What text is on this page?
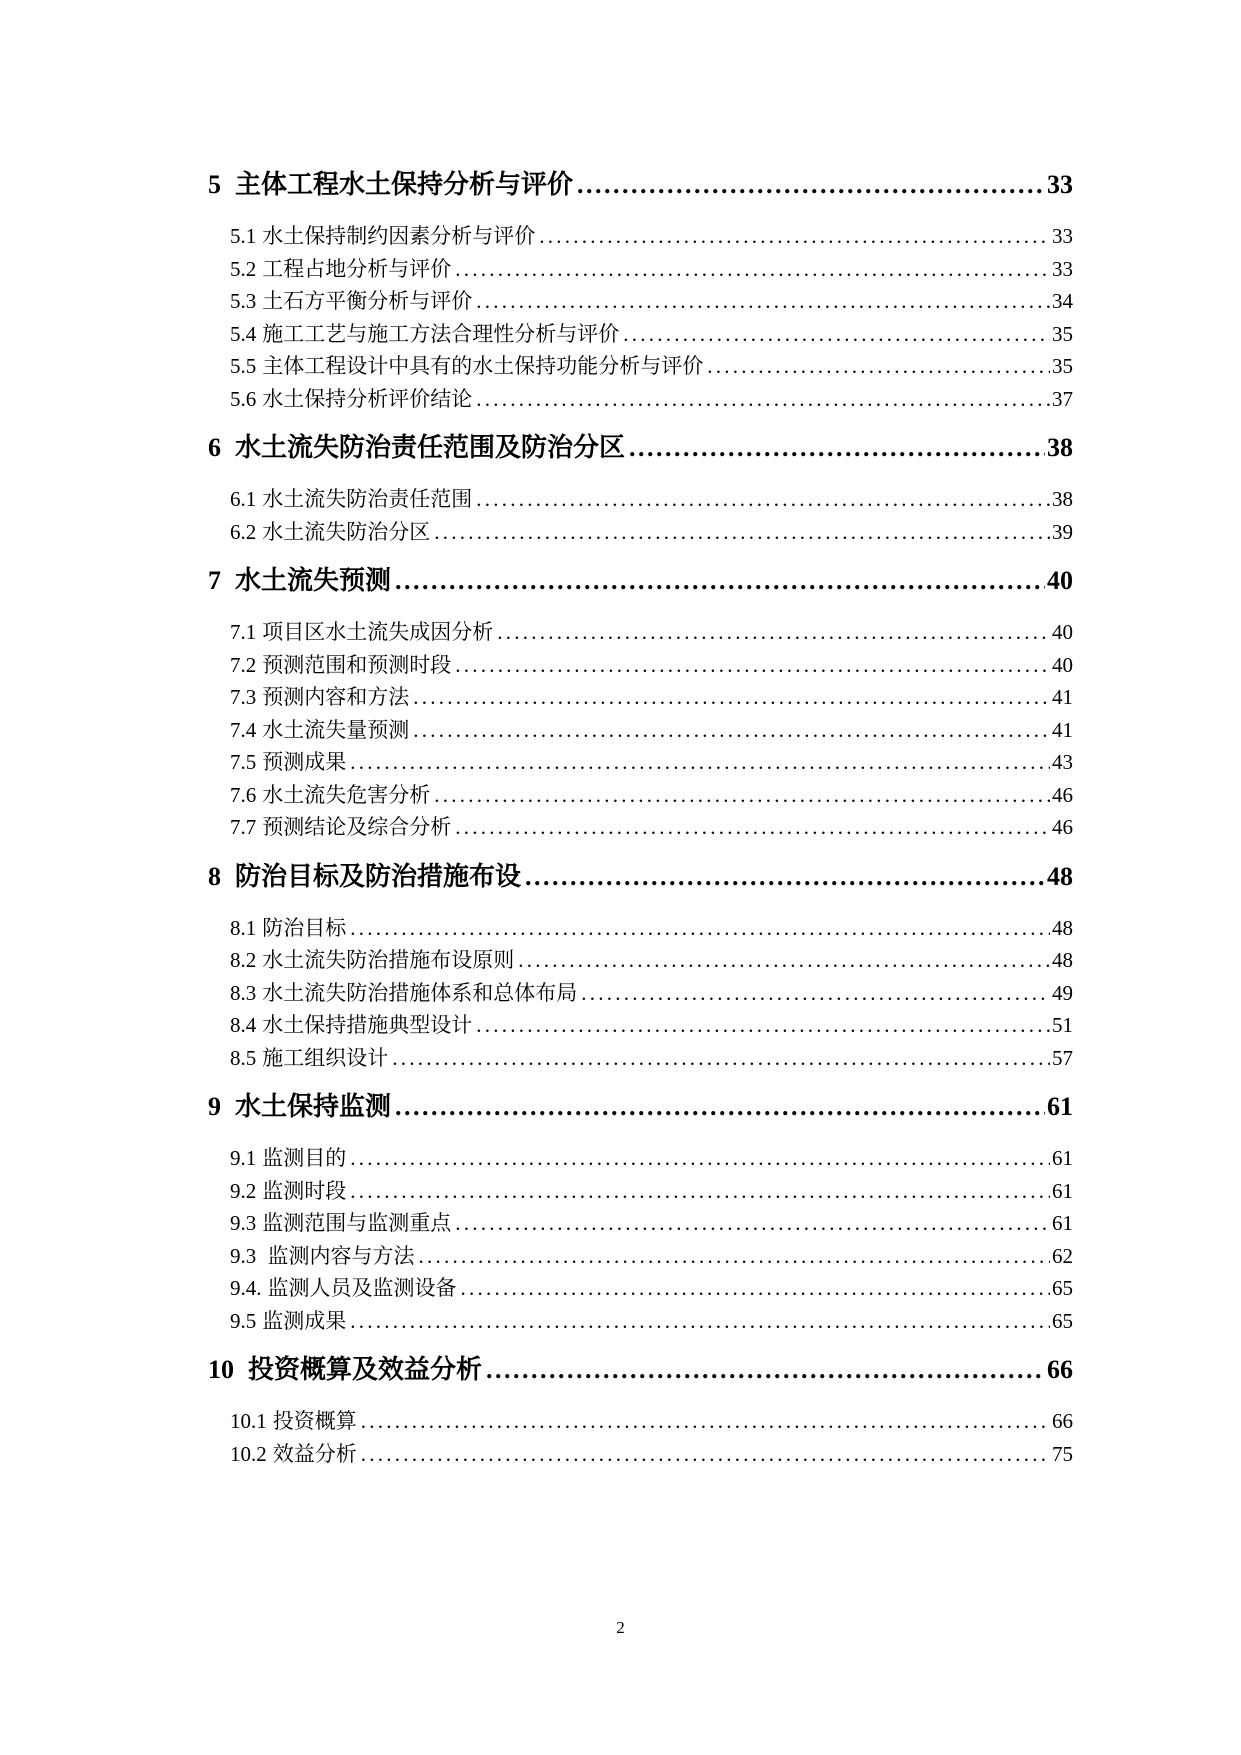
5 主体工程水土保持分析与评价 . . .	33
5.1 水土保持制约因素分析与评价 . . .	33
5.2 工程占地分析与评价 . . .	33
5.3 土石方平衡分析与评价 . . .	34
5.4 施工工艺与施工方法合理性分析与评价 . . .	35
5.5 主体工程设计中具有的水土保持功能分析与评价 . . .	35
5.6 水土保持分析评价结论 . . .	37
6 水土流失防治责任范围及防治分区 . . .	38
6.1 水土流失防治责任范围 . . .	38
6.2 水土流失防治分区 . . .	39
7 水土流失预测 . . .	40
7.1 项目区水土流失成因分析 . . .	40
7.2 预测范围和预测时段 . . .	40
7.3 预测内容和方法 . . .	41
7.4 水土流失量预测 . . .	41
7.5 预测成果 . . .	43
7.6 水土流失危害分析 . . .	46
7.7 预测结论及综合分析 . . .	46
8 防治目标及防治措施布设 . . .	48
8.1 防治目标 . . .	48
8.2 水土流失防治措施布设原则 . . .	48
8.3 水土流失防治措施体系和总体布局 . . .	49
8.4 水土保持措施典型设计 . . .	51
8.5 施工组织设计 . . .	57
9 水土保持监测 . . .	61
9.1 监测目的 . . .	61
9.2 监测时段 . . .	61
9.3 监测范围与监测重点 . . .	61
9.3 监测内容与方法 . . .	62
9.4. 监测人员及监测设备 . . .	65
9.5 监测成果 . . .	65
10 投资概算及效益分析 . . .	66
10.1 投资概算 . . .	66
10.2 效益分析 . . .	75
2
